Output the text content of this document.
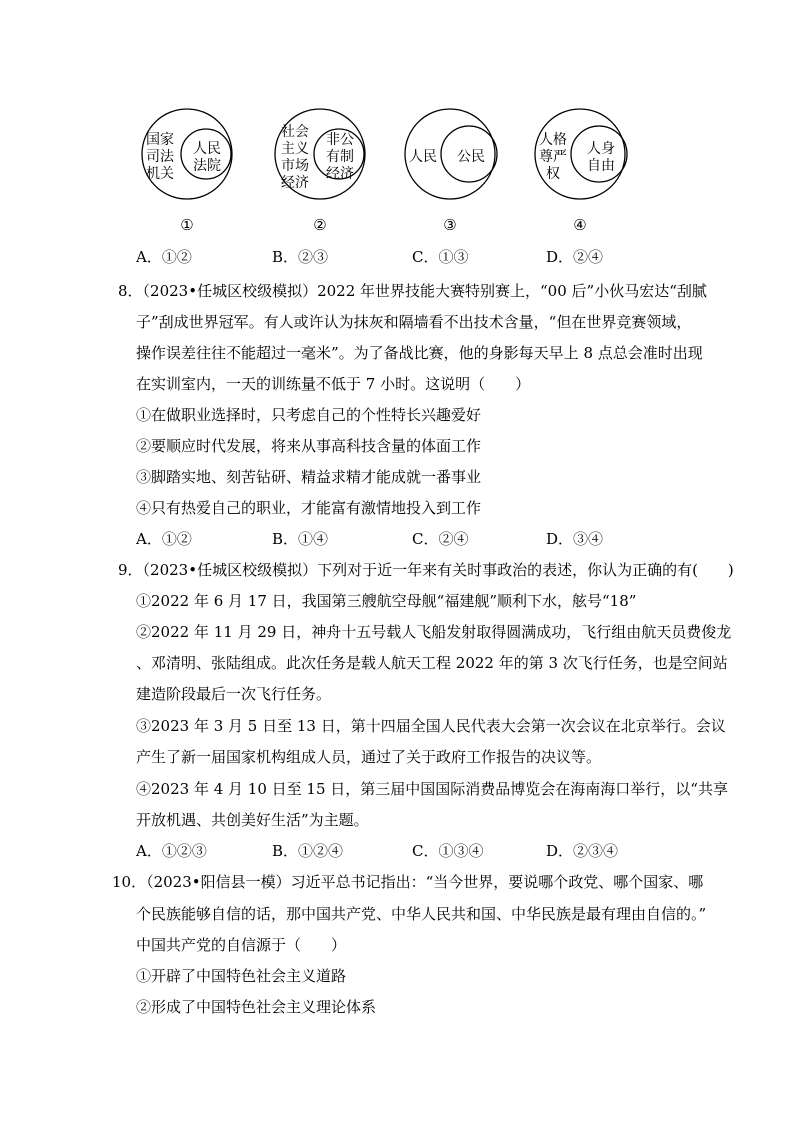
国家
司法
机关
人民
法院
①
社会
主义
市场
经济
非公
有制
经济
②
人民 公民
③
人格
尊严
权
人身
自由
④
A．①②	B．②③	C．①③	D．②④
8．（2023•任城区校级模拟）2022 年世界技能大赛特别赛上，“00 后”小伙马宏达“刮腻
子”刮成世界冠军。有人或许认为抹灰和隔墙看不出技术含量，“但在世界竞赛领域，
操作误差往往不能超过一毫米”。为了备战比赛，他的身影每天早上 8 点总会准时出现
在实训室内，一天的训练量不低于 7 小时。这说明（　　）
①在做职业选择时，只考虑自己的个性特长兴趣爱好
②要顺应时代发展，将来从事高科技含量的体面工作
③脚踏实地、刻苦钻研、精益求精才能成就一番事业
④只有热爱自己的职业，才能富有激情地投入到工作
A．①②	B．①④	C．②④	D．③④
9．（2023•任城区校级模拟）下列对于近一年来有关时事政治的表述，你认为正确的有(　　)
①2022 年 6 月 17 日，我国第三艘航空母舰“福建舰”顺利下水，舷号“18”
②2022 年 11 月 29 日，神舟十五号载人飞船发射取得圆满成功，飞行组由航天员费俊龙
、邓清明、张陆组成。此次任务是载人航天工程 2022 年的第 3 次飞行任务，也是空间站
建造阶段最后一次飞行任务。
③2023 年 3 月 5 日至 13 日，第十四届全国人民代表大会第一次会议在北京举行。会议
产生了新一届国家机构组成人员，通过了关于政府工作报告的决议等。
④2023 年 4 月 10 日至 15 日，第三届中国国际消费品博览会在海南海口举行，以“共享
开放机遇、共创美好生活”为主题。
A．①②③	B．①②④	C．①③④	D．②③④
10．（2023•阳信县一模）习近平总书记指出：“当今世界，要说哪个政党、哪个国家、哪
个民族能够自信的话，那中国共产党、中华人民共和国、中华民族是最有理由自信的。”
中国共产党的自信源于（　　）
①开辟了中国特色社会主义道路
②形成了中国特色社会主义理论体系
